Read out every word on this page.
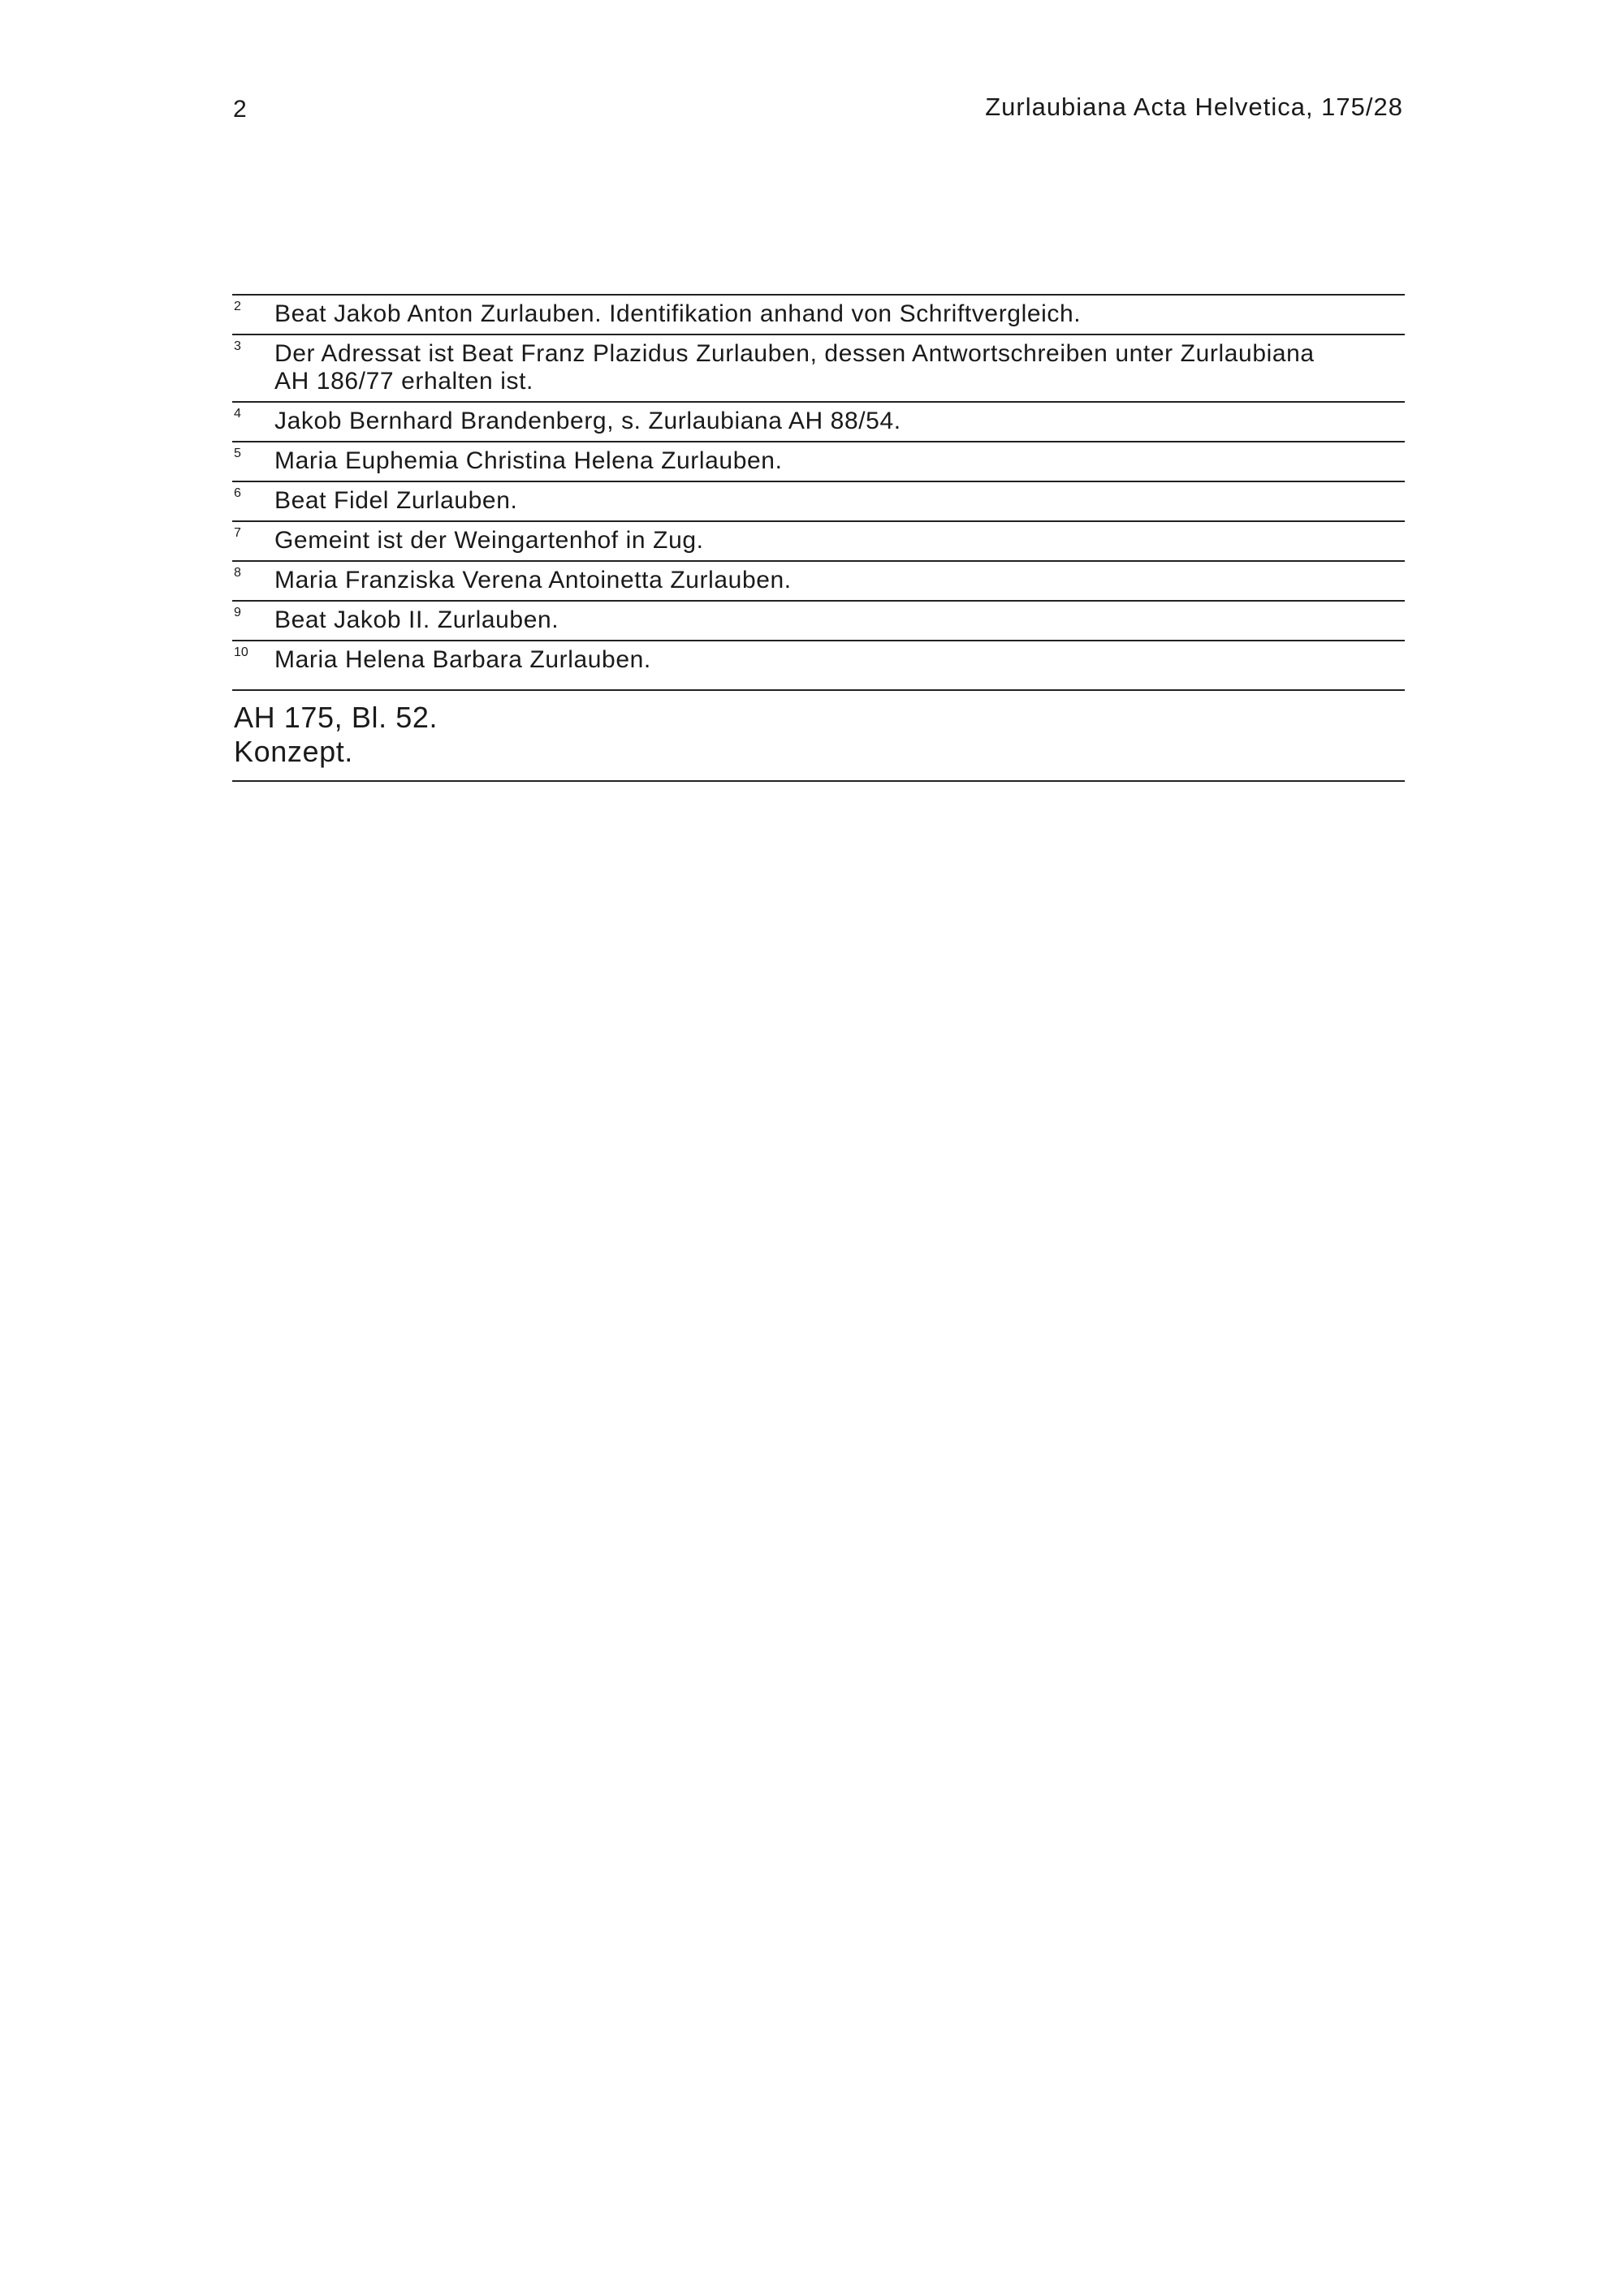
2	Zurlaubiana Acta Helvetica, 175/28
2	Beat Jakob Anton Zurlauben. Identifikation anhand von Schriftvergleich.
3	Der Adressat ist Beat Franz Plazidus Zurlauben, dessen Antwortschreiben unter Zurlaubiana AH 186/77 erhalten ist.
4	Jakob Bernhard Brandenberg, s. Zurlaubiana AH 88/54.
5	Maria Euphemia Christina Helena Zurlauben.
6	Beat Fidel Zurlauben.
7	Gemeint ist der Weingartenhof in Zug.
8	Maria Franziska Verena Antoinetta Zurlauben.
9	Beat Jakob II. Zurlauben.
10	Maria Helena Barbara Zurlauben.
AH 175, Bl. 52.
Konzept.
